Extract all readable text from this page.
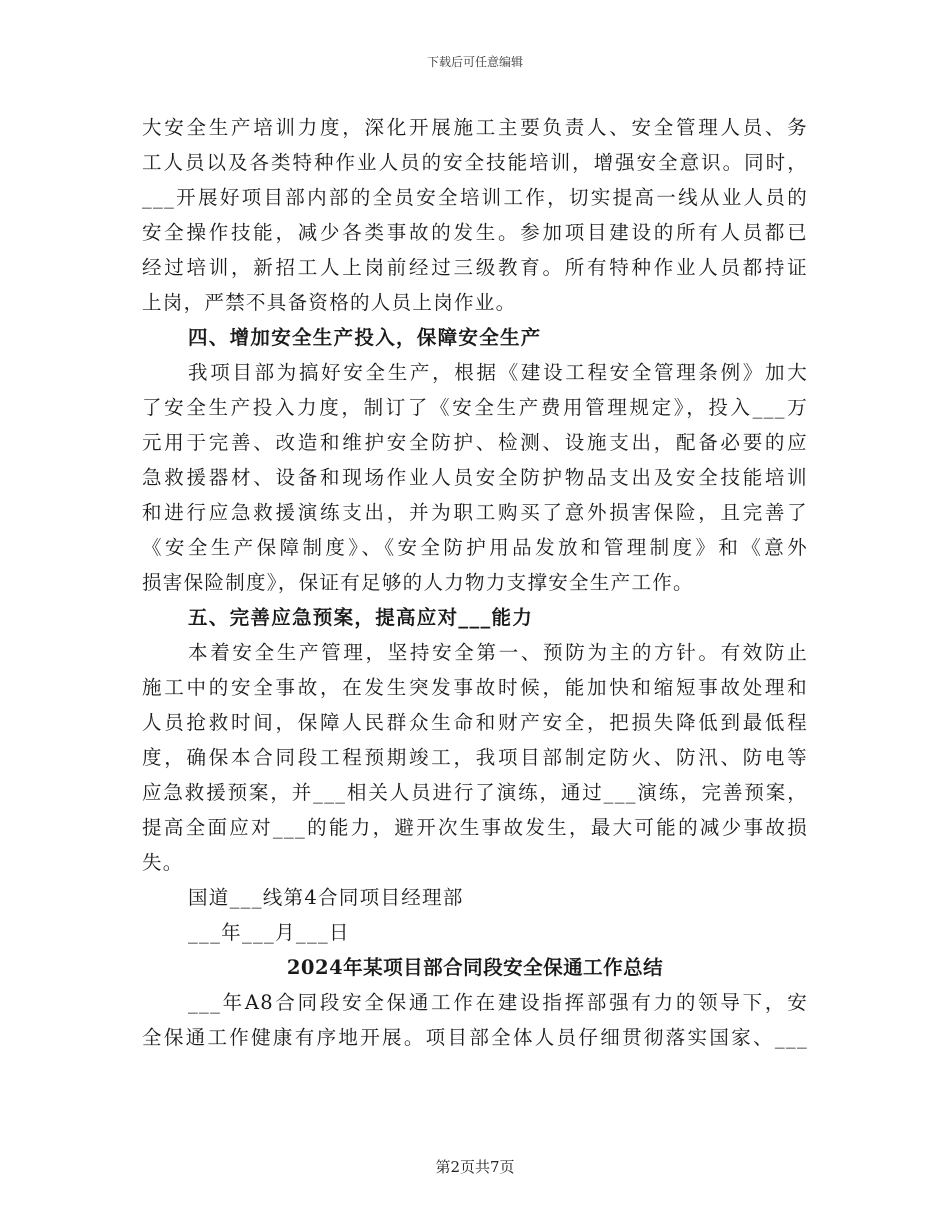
下载后可任意编辑
大安全生产培训力度，深化开展施工主要负责人、安全管理人员、务
工人员以及各类特种作业人员的安全技能培训，增强安全意识。同时，
___开展好项目部内部的全员安全培训工作，切实提高一线从业人员的
安全操作技能，减少各类事故的发生。参加项目建设的所有人员都已
经过培训，新招工人上岗前经过三级教育。所有特种作业人员都持证
上岗，严禁不具备资格的人员上岗作业。
四、增加安全生产投入，保障安全生产
我项目部为搞好安全生产，根据《建设工程安全管理条例》加大
了安全生产投入力度，制订了《安全生产费用管理规定》，投入___万
元用于完善、改造和维护安全防护、检测、设施支出，配备必要的应
急救援器材、设备和现场作业人员安全防护物品支出及安全技能培训
和进行应急救援演练支出，并为职工购买了意外损害保险，且完善了
《安全生产保障制度》、《安全防护用品发放和管理制度》和《意外
损害保险制度》，保证有足够的人力物力支撑安全生产工作。
五、完善应急预案，提高应对___能力
本着安全生产管理，坚持安全第一、预防为主的方针。有效防止
施工中的安全事故，在发生突发事故时候，能加快和缩短事故处理和
人员抢救时间，保障人民群众生命和财产安全，把损失降低到最低程
度，确保本合同段工程预期竣工，我项目部制定防火、防汛、防电等
应急救援预案，并___相关人员进行了演练，通过___演练，完善预案，
提高全面应对___的能力，避开次生事故发生，最大可能的减少事故损
失。
国道___线第4合同项目经理部
___年___月___日
2024年某项目部合同段安全保通工作总结
___年A8合同段安全保通工作在建设指挥部强有力的领导下，安
全保通工作健康有序地开展。项目部全体人员仔细贯彻落实国家、___
第2页共7页
